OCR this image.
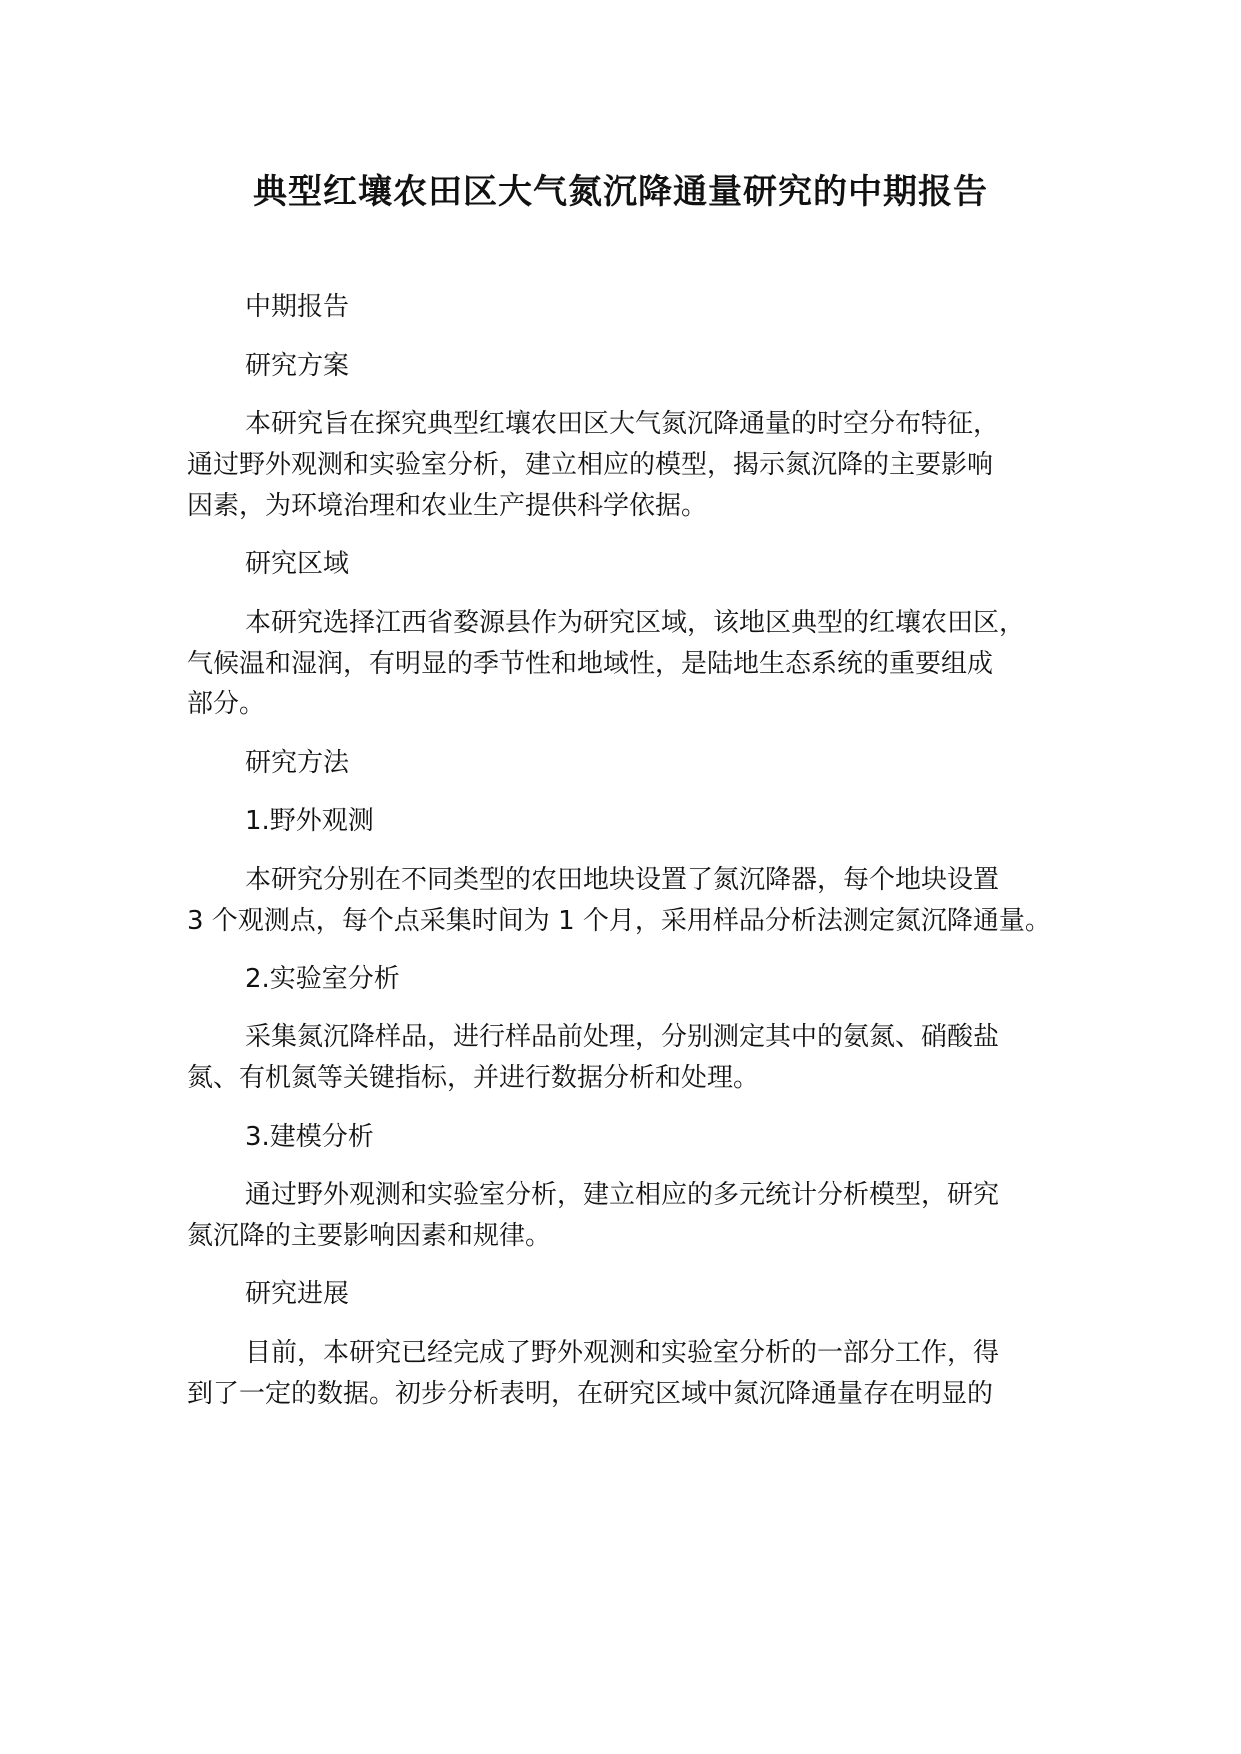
典型红壤农田区大气氮沉降通量研究的中期报告
中期报告
研究方案
本研究旨在探究典型红壤农田区大气氮沉降通量的时空分布特征，
通过野外观测和实验室分析，建立相应的模型，揭示氮沉降的主要影响
因素，为环境治理和农业生产提供科学依据。
研究区域
本研究选择江西省婺源县作为研究区域，该地区典型的红壤农田区，
气候温和湿润，有明显的季节性和地域性，是陆地生态系统的重要组成
部分。
研究方法
1.野外观测
本研究分别在不同类型的农田地块设置了氮沉降器，每个地块设置
3 个观测点，每个点采集时间为 1 个月，采用样品分析法测定氮沉降通量。
2.实验室分析
采集氮沉降样品，进行样品前处理，分别测定其中的氨氮、硝酸盐
氮、有机氮等关键指标，并进行数据分析和处理。
3.建模分析
通过野外观测和实验室分析，建立相应的多元统计分析模型，研究
氮沉降的主要影响因素和规律。
研究进展
目前，本研究已经完成了野外观测和实验室分析的一部分工作，得
到了一定的数据。初步分析表明，在研究区域中氮沉降通量存在明显的
